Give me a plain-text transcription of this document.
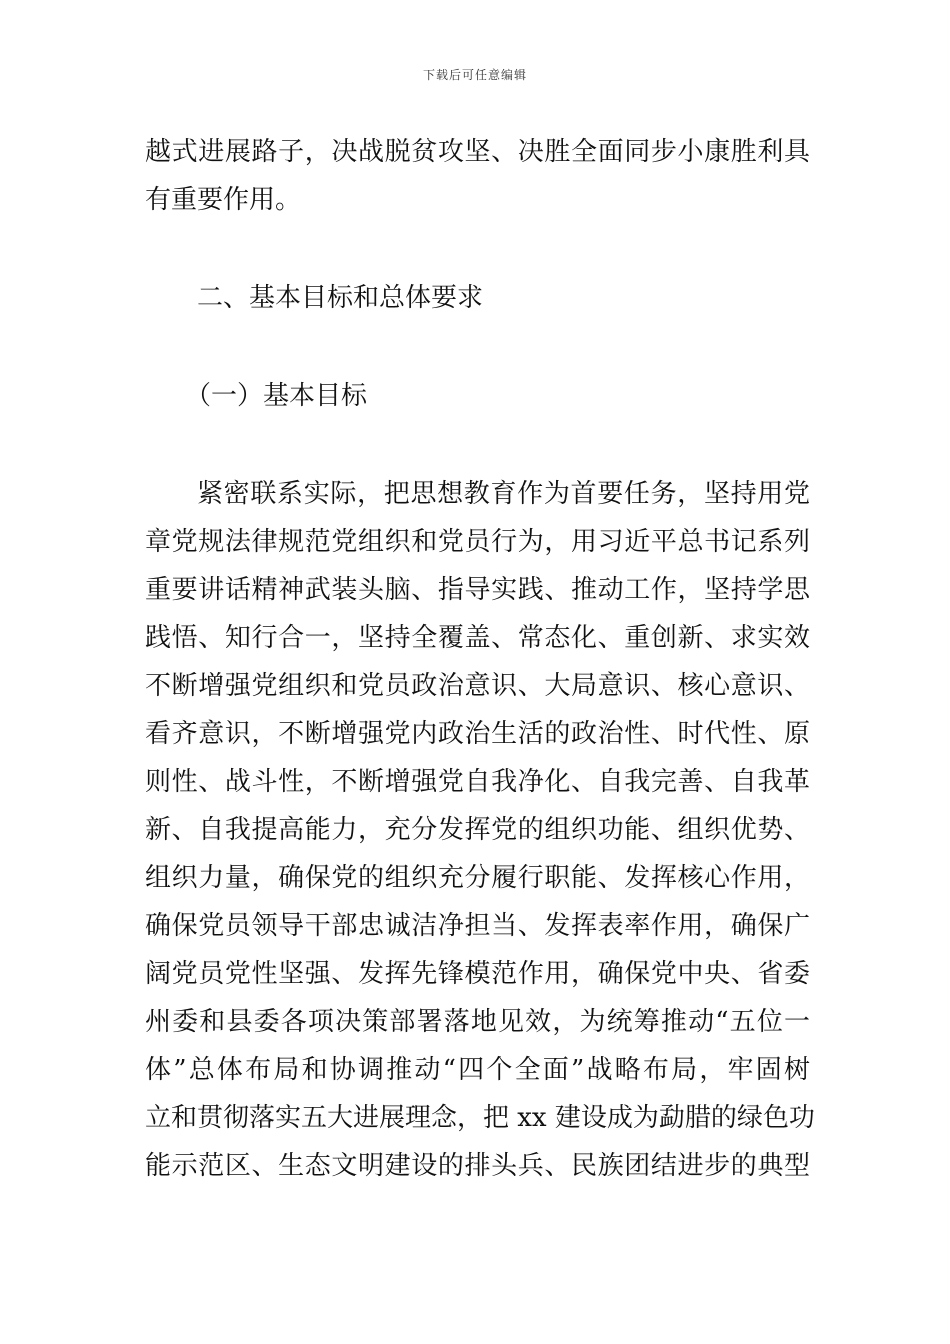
下载后可任意编辑
越式进展路子，决战脱贫攻坚、决胜全面同步小康胜利具
有重要作用。
二、基本目标和总体要求
（一）基本目标
紧密联系实际，把思想教育作为首要任务，坚持用党
章党规法律规范党组织和党员行为，用习近平总书记系列
重要讲话精神武装头脑、指导实践、推动工作，坚持学思
践悟、知行合一，坚持全覆盖、常态化、重创新、求实效
不断增强党组织和党员政治意识、大局意识、核心意识、
看齐意识，不断增强党内政治生活的政治性、时代性、原
则性、战斗性，不断增强党自我净化、自我完善、自我革
新、自我提高能力，充分发挥党的组织功能、组织优势、
组织力量，确保党的组织充分履行职能、发挥核心作用，
确保党员领导干部忠诚洁净担当、发挥表率作用，确保广
阔党员党性坚强、发挥先锋模范作用，确保党中央、省委
州委和县委各项决策部署落地见效，为统筹推动“五位一
体”总体布局和协调推动“四个全面”战略布局，牢固树
立和贯彻落实五大进展理念，把 xx 建设成为勐腊的绿色功
能示范区、生态文明建设的排头兵、民族团结进步的典型
